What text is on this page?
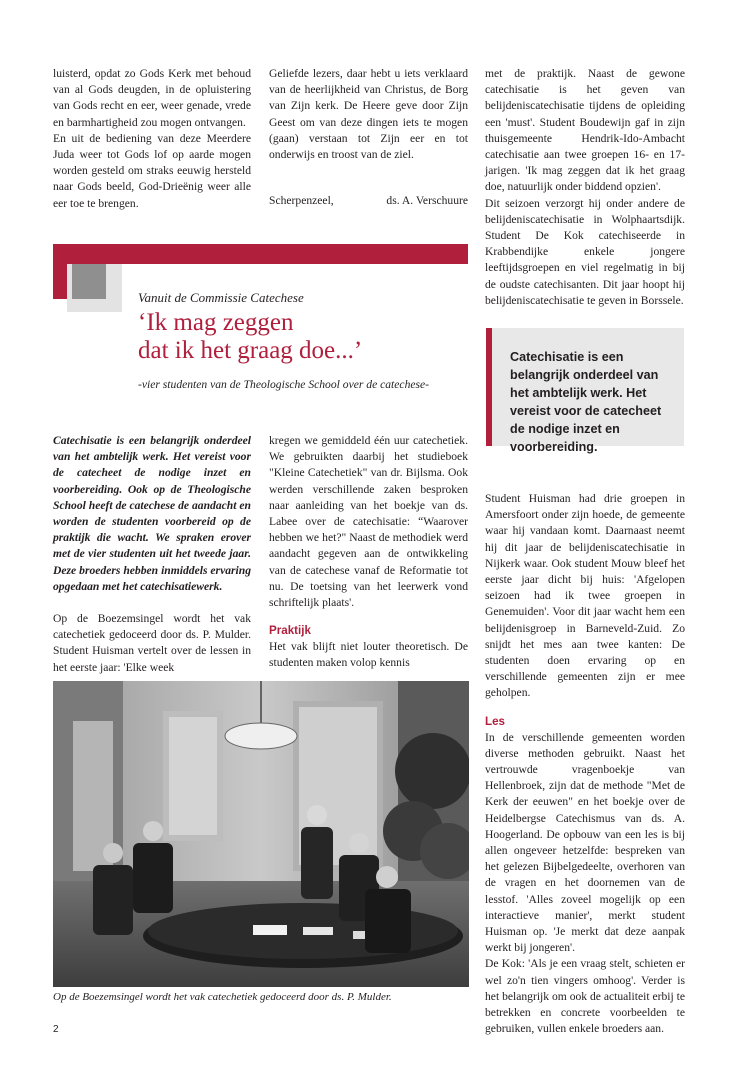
luisterd, opdat zo Gods Kerk met behoud van al Gods deugden, in de opluistering van Gods recht en eer, weer genade, vrede en barmhartigheid zou mogen ontvangen.

En uit de bediening van deze Meerdere Juda weer tot Gods lof op aarde mogen worden gesteld om straks eeuwig hersteld naar Gods beeld, God-Drieënig weer alle eer toe te brengen.

Geliefde lezers, daar hebt u iets verklaard van de heerlijkheid van Christus, de Borg van Zijn kerk. De Heere geve door Zijn Geest om van deze dingen iets te mogen (gaan) verstaan tot Zijn eer en tot onderwijs en troost van de ziel.

Scherpenzeel,	ds. A. Verschuure

Vanuit de Commissie Catechese
‘Ik mag zeggen
dat ik het graag doe...’
-vier studenten van de Theologische School over de catechese-

Catechisatie is een belangrijk onderdeel van het ambtelijk werk. Het vereist voor de catecheet de nodige inzet en voorbereiding. Ook op de Theologische School heeft de catechese de aandacht en worden de studenten voorbereid op de praktijk die wacht. We spraken erover met de vier studenten uit het tweede jaar. Deze broeders hebben inmiddels ervaring opgedaan met het catechisatiewerk.

Op de Boezemsingel wordt het vak catechetiek gedoceerd door ds. P. Mulder. Student Huisman vertelt over de lessen in het eerste jaar: 'Elke week

kregen we gemiddeld één uur catechetiek. We gebruikten daarbij het studieboek "Kleine Catechetiek" van dr. Bijlsma. Ook werden verschillende zaken besproken naar aanleiding van het boekje van ds. Labee over de catechisatie: “Waarover hebben we het?" Naast de methodiek werd aandacht gegeven aan de ontwikkeling van de catechese vanaf de Reformatie tot nu. De toetsing van het leerwerk vond schriftelijk plaats'.

Praktijk

Het vak blijft niet louter theoretisch. De studenten maken volop kennis

met de praktijk. Naast de gewone catechisatie is het geven van belijdeniscatechisatie tijdens de opleiding een 'must'. Student Boudewijn gaf in zijn thuisgemeente Hendrik-Ido-Ambacht catechisatie aan twee groepen 16- en 17-jarigen. 'Ik mag zeggen dat ik het graag doe, natuurlijk onder biddend opzien'.

Dit seizoen verzorgt hij onder andere de belijdeniscatechisatie in Wolphaartsdijk. Student De Kok catechiseerde in Krabbendijke enkele jongere leeftijdsgroepen en viel regelmatig in bij de oudste catechisanten. Dit jaar hoopt hij belijdeniscatechisatie te geven in Borssele.

Catechisatie is een belangrijk onderdeel van het ambtelijk werk. Het vereist voor de catecheet de nodige inzet en voorbereiding.

Student Huisman had drie groepen in Amersfoort onder zijn hoede, de gemeente waar hij vandaan komt. Daarnaast neemt hij dit jaar de belijdeniscatechisatie in Nijkerk waar. Ook student Mouw bleef het eerste jaar dicht bij huis: 'Afgelopen seizoen had ik twee groepen in Genemuiden'. Voor dit jaar wacht hem een belijdenisgroep in Barneveld-Zuid. Zo snijdt het mes aan twee kanten: De studenten doen ervaring op en verschillende gemeenten zijn er mee geholpen.

Les

In de verschillende gemeenten worden diverse methoden gebruikt. Naast het vertrouwde vragenboekje van Hellenbroek, zijn dat de methode "Met de Kerk der eeuwen" en het boekje over de Heidelbergse Catechismus van ds. A. Hoogerland. De opbouw van een les is bij allen ongeveer hetzelfde: bespreken van het gelezen Bijbelgedeelte, overhoren van de vragen en het doornemen van de lesstof. 'Alles zoveel mogelijk op een interactieve manier', merkt student Huisman op. 'Je merkt dat deze aanpak werkt bij jongeren'.

De Kok: 'Als je een vraag stelt, schieten er wel zo'n tien vingers omhoog'. Verder is het belangrijk om ook de actualiteit erbij te betrekken en concrete voorbeelden te gebruiken, vullen enkele broeders aan.

Op de Boezemsingel wordt het vak catechetiek gedoceerd door ds. P. Mulder.
2
